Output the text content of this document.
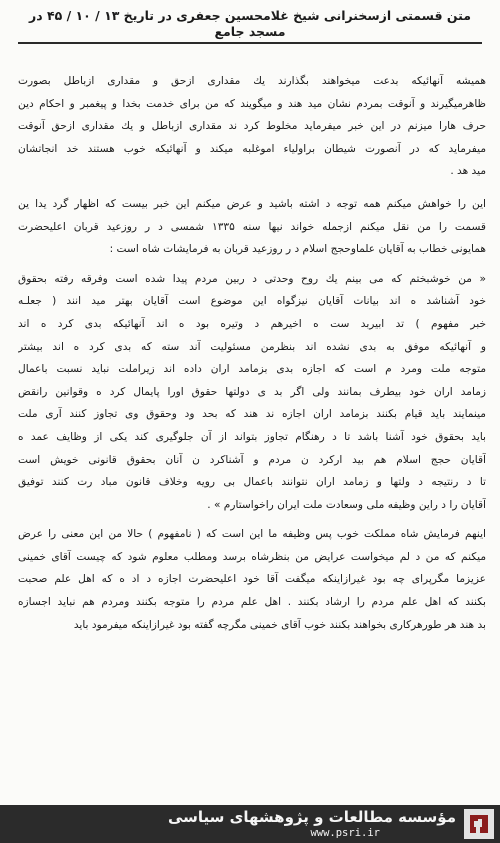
متن قسمتی ازسخنرانی شیخ غلامحسین جعفری در تاریخ ۱۳ / ۱۰ / ۴۵ در مسجد جامع
همیشه آنهائیکه بدعت میخواهند بگذارند یك مقداری ازحق و مقداری ازباطل بصورت
ظاهرمیگیرند و آنوقت بمردم نشان مید هند و میگویند که من برای خدمت بخدا و پیغمبر و احکام دین
حرف هارا میزنم در این خبر میفرماید مخلوط کرد ند مقداری ازباطل و یك مقداری ازحق آنوقت
میفرماید که در آنصورت شیطان براولیاء اموغلبه میکند و آنهائیکه خوب هستند خد انجاتشان
مید هد .
این را خواهش میکنم همه توجه د اشته باشید و عرض میکنم این خبر بیست که اظهار گرد یدا ین
قسمت را من نقل میکنم ازجمله خواند نیها سنه ۱۳۳۵ شمسی د ر روزعید قربان اعلیحضرت
همایونی خطاب به آقایان علماوحجج اسلام د ر روزعید قربان به فرمایشات شاه است :
« من خوشبختم که می بینم یك روح وحدتی د ربین مردم پیدا شده است وفرقه رفته بحقوق
خود آشناشد ه اند بیانات آقایان نیزگواه این موضوع است آقایان بهتر مید انند ( جعلـه
خبر مفهوم ) تد ابیربد ست ه اخیرهم د وتیره بود ه اند آنهائیکه بدی کرد ه اند
و آنهائیکه موفق به بدی نشده اند بنظرمن مسئولیت آند سته که بدی کرد ه اند بیشتر
متوجه ملت ومرد م است که اجازه بدی بزمامد اران داده اند زیراملت نباید نسبت باعمال
زمامد اران خود بیطرف بمانند ولی اگر بد ی دولتها حقوق اورا پایمال کرد ه وقوانین رانقض
مینمایند باید قیام بکنند بزمامد اران اجازه ند هند که بحد ود وحقوق وی تجاوز کنند آری ملت
باید بحقوق خود آشنا باشد تا د رهنگام تجاوز بتواند از آن جلوگیری کند یکی از وظایف عمد ه
آقایان حجج اسلام هم بید ارکرد ن مردم و آشناکرد ن آنان بحقوق قانونی خویش است
تا د رنتیجه د ولتها و زمامد اران نتوانند باعمال بی رویه وخلاف قانون مباد رت کنند توفیق
آقایان را د راین وظیفه ملی وسعادت ملت ایران راخواستارم » .
اینهم فرمایش شاه مملکت خوب پس وظیفه ما این است که ( نامفهوم ) حالا من این معنی را عرض
میکنم که من د لم میخواست عرایض من بنظرشاه برسد ومطلب معلوم شود که چیست آقای خمینی
عزیزما مگرپرای چه بود غیرازاینکه میگفت آقا خود اعلیحضرت اجازه د اد ه که اهل علم صحبت
بکنند که اهل علم مردم را ارشاد بکنند . اهل علم مردم را متوجه بکنند ومردم هم نباید اجسازه
بد هند هر طورهرکاری بخواهند بکنند خوب آقای خمینی مگرچه گفته بود غیرازاینکه میفرمود باید
مؤسسه مطالعات و پژوهشهای سیاسی
www.psri.ir
